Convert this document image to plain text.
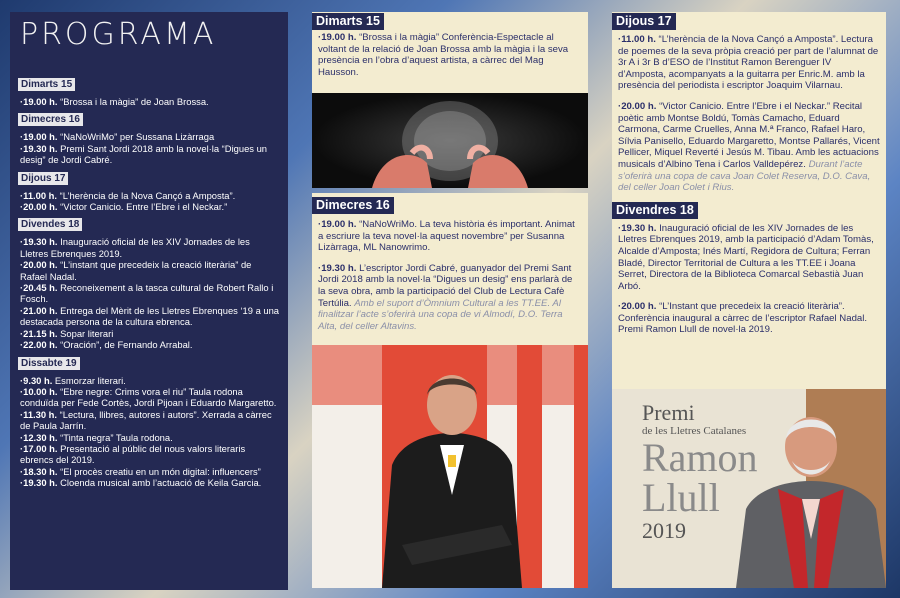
PROGRAMA
Dimarts 15
·19.00 h. “Brossa i la màgia” de Joan Brossa.
Dimecres 16
·19.00 h. “NaNoWriMo” per Sussana Lizàrraga
·19.30 h. Premi Sant Jordi 2018 amb la novel·la “Digues un desig” de Jordi Cabré.
Dijous 17
·11.00 h. “L’herència de la Nova Cançó a Amposta”.
·20.00 h. “Victor Canicio. Entre l’Ebre i el Neckar.”
Divendes 18
·19.30 h. Inauguració oficial de les XIV Jornades de les Lletres Ebrenques 2019.
·20.00 h. “L’instant que precedeix la creació literària” de Rafael Nadal.
·20.45 h. Reconeixement a la tasca cultural de Robert Rallo i Fosch.
·21.00 h. Entrega del Mèrit de les Lletres Ebrenques ‘19 a una destacada persona de la cultura ebrenca.
·21.15 h. Sopar literari
·22.00 h. “Oración”, de Fernando Arrabal.
Dissabte 19
·9.30 h. Esmorzar literari.
·10.00 h. “Ebre negre: Crims vora el riu” Taula rodona conduïda per Fede Cortès, Jordi Pijoan i Eduardo Margaretto.
·11.30 h. “Lectura, llibres, autores i autors”. Xerrada a càrrec de Paula Jarrín.
·12.30 h. “Tinta negra” Taula rodona.
·17.00 h. Presentació al públic del nous valors literaris ebrencs del 2019.
·18.30 h. “El procès creatiu en un món digital: influencers”
·19.30 h. Cloenda musical amb l’actuació de Keila Garcia.
Dimarts 15
·19.00 h. “Brossa i la màgia” Conferència-Espectacle al voltant de la relació de Joan Brossa amb la màgia i la seva presència en l’obra d’aquest artista, a càrrec del Mag Hausson.
Dimecres 16
·19.00 h. “NaNoWriMo. La teva història és important. Animat a escriure la teva novel·la aquest novembre” per Susanna Lizàrraga, ML Nanowrimo.
·19.30 h. L’escriptor Jordi Cabré, guanyador del Premi Sant Jordi 2018 amb la novel·la “Digues un desig” ens parlarà de la seva obra, amb la participació del Club de Lectura Cafè Tertúlia. Amb el suport d’Òmnium Cultural a les TT.EE. Al finalitzar l’acte s’oferirà una copa de vi Almodí, D.O. Terra Alta, del celler Altavins.
Dijous 17
·11.00 h. “L’herència de la Nova Cançó a Amposta”. Lectura de poemes de la seva pròpia creació per part de l’alumnat de 3r A i 3r B d’ESO de l’Institut Ramon Berenguer IV d’Amposta, acompanyats a la guitarra per Enric.M. amb la presència del periodista i escriptor Joaquim Vilarnau.
·20.00 h. “Victor Canicio. Entre l’Ebre i el Neckar.” Recital poètic amb Montse Boldú, Tomàs Camacho, Eduard Carmona, Carme Cruelles, Anna M.ª Franco, Rafael Haro, Sílvia Panisello, Eduardo Margaretto, Montse Pallarés, Vicent Pellicer, Miquel Reverté i Jesús M. Tibau. Amb les actuacions musicals d’Albino Tena i Carlos Valldepérez. Durant l’acte s’oferirà una copa de cava Joan Colet Reserva, D.O. Cava, del celler Joan Colet i Rius.
Divendres 18
·19.30 h. Inauguració oficial de les XIV Jornades de les Lletres Ebrenques 2019, amb la participació d’Adam Tomàs, Alcalde d’Amposta; Inés Martí, Regidora de Cultura; Ferran Bladé, Director Territorial de Cultura a les TT.EE i Joana Serret, Directora de la Biblioteca Comarcal Sebastià Juan Arbó.
·20.00 h. “L’Instant que precedeix la creació literària”. Conferència inaugural a càrrec de l’escriptor Rafael Nadal. Premi Ramon Llull de novel·la 2019.
Premi
de les Lletres Catalanes
Ramon
Llull
2019
